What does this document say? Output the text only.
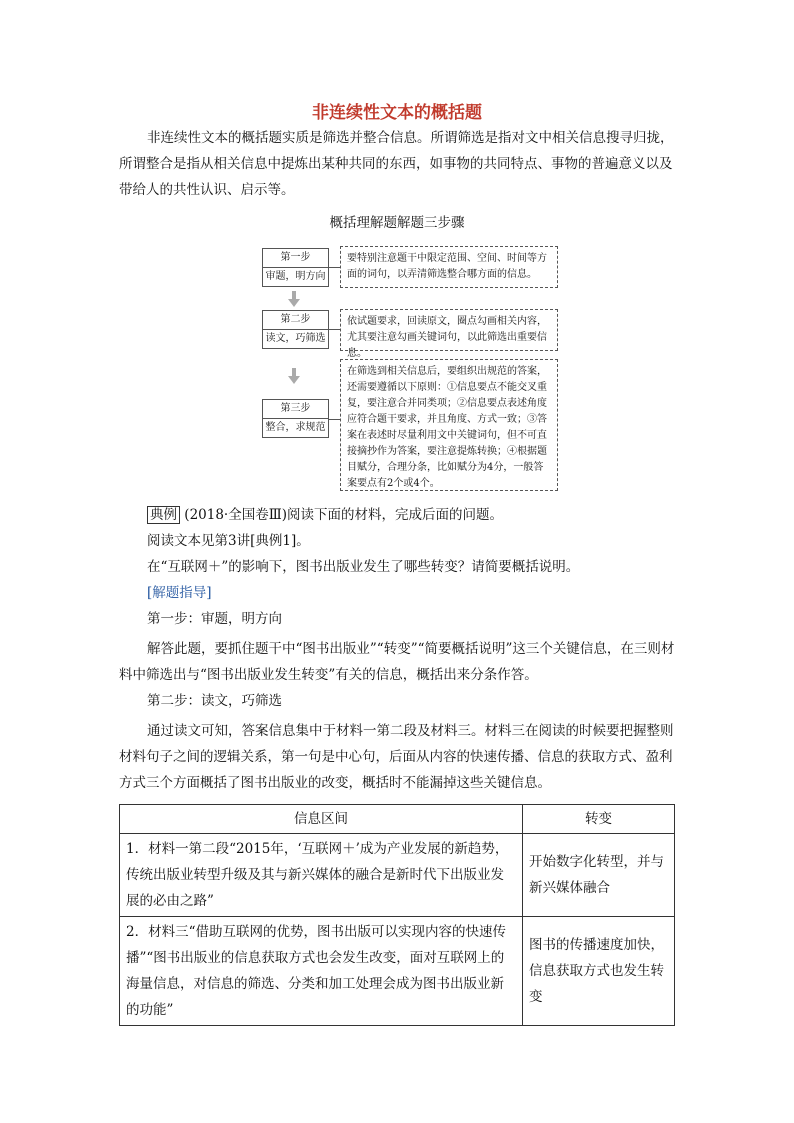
非连续性文本的概括题

非连续性文本的概括题实质是筛选并整合信息。所谓筛选是指对文中相关信息搜寻归拢，所谓整合是指从相关信息中提炼出某种共同的东西，如事物的共同特点、事物的普遍意义以及带给人的共性认识、启示等。

概括理解题解题三步骤
第一步
审题，明方向
要特别注意题干中限定范围、空间、时间等方面的词句，以弄清筛选整合哪方面的信息。
第二步
读文，巧筛选
依试题要求，回读原文，圈点勾画相关内容，尤其要注意勾画关键词句，以此筛选出重要信息。
第三步
整合，求规范
在筛选到相关信息后，要组织出规范的答案，还需要遵循以下原则：①信息要点不能交叉重复，要注意合并同类项；②信息要点表述角度应符合题干要求，并且角度、方式一致；③答案在表述时尽量利用文中关键词句，但不可直接摘抄作为答案，要注意提炼转换；④根据题目赋分，合理分条，比如赋分为4分，一般答案要点有2个或4个。
典例 (2018·全国卷Ⅲ)阅读下面的材料，完成后面的问题。
阅读文本见第3讲[典例1]。
在“互联网＋”的影响下，图书出版业发生了哪些转变？请简要概括说明。
[解题指导]
第一步：审题，明方向
解答此题，要抓住题干中“图书出版业”“转变”“简要概括说明”这三个关键信息，在三则材料中筛选出与“图书出版业发生转变”有关的信息，概括出来分条作答。
第二步：读文，巧筛选
通过读文可知，答案信息集中于材料一第二段及材料三。材料三在阅读的时候要把握整则材料句子之间的逻辑关系，第一句是中心句，后面从内容的快速传播、信息的获取方式、盈利方式三个方面概括了图书出版业的改变，概括时不能漏掉这些关键信息。
信息区间	转变
1．材料一第二段“2015年，‘互联网＋’成为产业发展的新趋势，传统出版业转型升级及其与新兴媒体的融合是新时代下出版业发展的必由之路”	开始数字化转型，并与新兴媒体融合
2．材料三“借助互联网的优势，图书出版可以实现内容的快速传播”“图书出版业的信息获取方式也会发生改变，面对互联网上的海量信息，对信息的筛选、分类和加工处理会成为图书出版业新的功能”	图书的传播速度加快，信息获取方式也发生转变
